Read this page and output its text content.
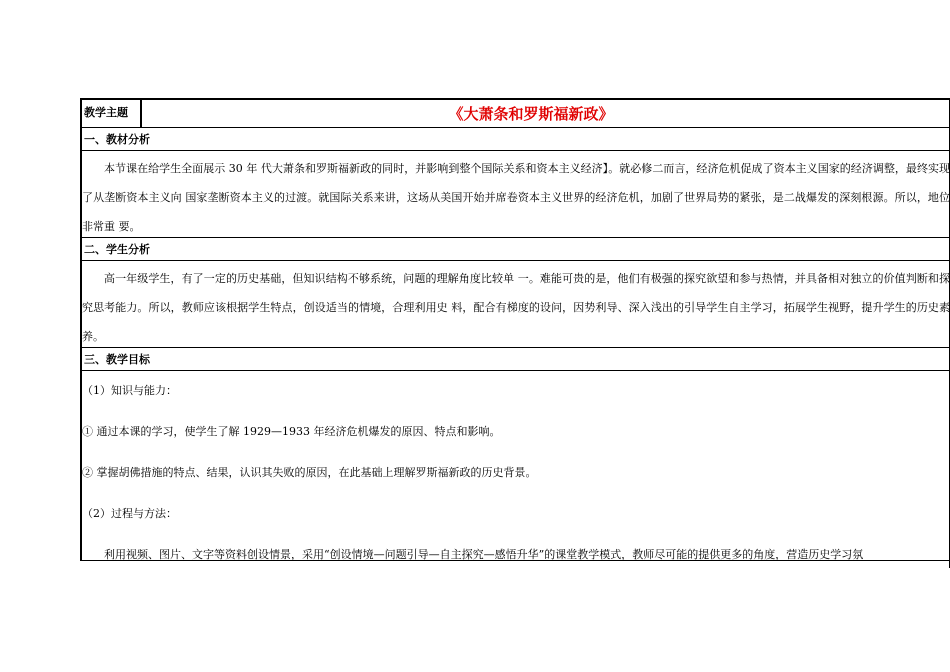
教学主题	《大萧条和罗斯福新政》
一、教材分析
本节课在给学生全面展示 30 年 代大萧条和罗斯福新政的同时，并影响到整个国际关系和资本主义经济】。就必修二而言，经济危机促成了资本主义国家的经济调整，最终实现了从垄断资本主义向 国家垄断资本主义的过渡。就国际关系来讲，这场从美国开始并席卷资本主义世界的经济危机，加剧了世界局势的紧张，是二战爆发的深刻根源。所以，地位非常重 要。
二、学生分析
高一年级学生，有了一定的历史基础，但知识结构不够系统，问题的理解角度比较单 一。难能可贵的是，他们有极强的探究欲望和参与热情，并具备相对独立的价值判断和探究思考能力。所以，教师应该根据学生特点，创设适当的情境，合理利用史 料，配合有梯度的设问，因势利导、深入浅出的引导学生自主学习，拓展学生视野，提升学生的历史素养。
三、教学目标
（1）知识与能力：
① 通过本课的学习，使学生了解 1929—1933 年经济危机爆发的原因、特点和影响。
② 掌握胡佛措施的特点、结果，认识其失败的原因，在此基础上理解罗斯福新政的历史背景。
（2）过程与方法：
利用视频、图片、文字等资料创设情景，采用“创设情境—问题引导—自主探究—感悟升华”的课堂教学模式，教师尽可能的提供更多的角度，营造历史学习氛
